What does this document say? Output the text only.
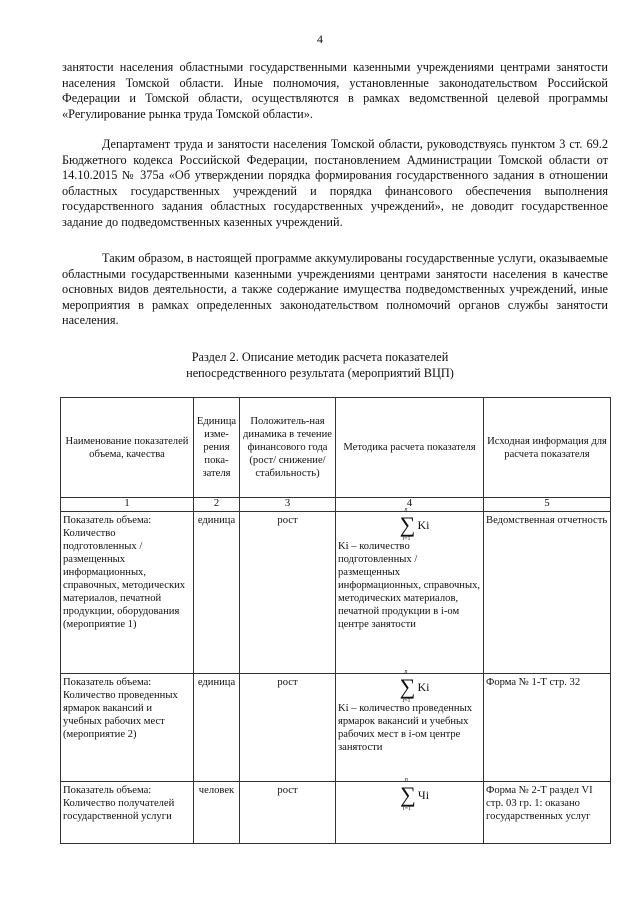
4

занятости населения областными государственными казенными учреждениями центрами занятости населения Томской области. Иные полномочия, установленные законодательством Российской Федерации и Томской области, осуществляются в рамках ведомственной целевой программы «Регулирование рынка труда Томской области».

Департамент труда и занятости населения Томской области, руководствуясь пунктом 3 ст. 69.2 Бюджетного кодекса Российской Федерации, постановлением Администрации Томской области от 14.10.2015 № 375а «Об утверждении порядка формирования государственного задания в отношении областных государственных учреждений и порядка финансового обеспечения выполнения государственного задания областных государственных учреждений», не доводит государственное задание до подведомственных казенных учреждений.

Таким образом, в настоящей программе аккумулированы государственные услуги, оказываемые областными государственными казенными учреждениями центрами занятости населения в качестве основных видов деятельности, а также содержание имущества подведомственных учреждений, иные мероприятия в рамках определенных законодательством полномочий органов службы занятости населения.

Раздел 2. Описание методик расчета показателей
непосредственного результата (мероприятий ВЦП)
Наименование показателей объема, качества	Единица изме-рения пока-зателя	Положитель-ная динамика в течение финансового года (рост/ снижение/ стабильность)	Методика расчета показателя	Исходная информация для расчета показателя
1	2	3	4	5
Показатель объема: Количество подготовленных / размещенных информационных, справочных, методических материалов, печатной продукции, оборудования (мероприятие 1)	единица	рост	∑
n
i=1
Ki
Ki – количество подготовленных / размещенных информационных, справочных, методических материалов, печатной продукции в i-ом центре занятости	Ведомственная отчетность
Показатель объема: Количество проведенных ярмарок вакансий и учебных рабочих мест (мероприятие 2)	единица	рост	∑
n
i=1
Ki
Ki – количество проведенных ярмарок вакансий и учебных рабочих мест в i-ом центре занятости	Форма № 1-Т стр. 32
Показатель объема: Количество получателей государственной услуги	человек	рост	∑
n
i=1
Чi	Форма № 2-Т раздел VI стр. 03 гр. 1: оказано государственных услуг
